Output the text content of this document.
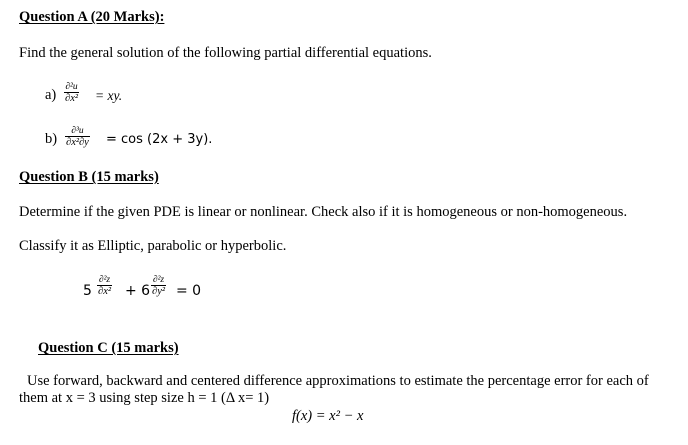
Question A (20 Marks):
Find the general solution of the following partial differential equations.
a) ∂²u
∂x² = xy.
b) ∂³u
∂x²∂y = cos (2x + 3y).
Question B (15 marks)
Determine if the given PDE is linear or nonlinear. Check also if it is homogeneous or non-homogeneous.
Classify it as Elliptic, parabolic or hyperbolic.
5
∂²z
∂x² + 6
∂²z
∂y² = 0
Question C (15 marks)
Use forward, backward and centered difference approximations to estimate the percentage error for each of
them at x = 3 using step size h = 1 (Δ x= 1)
f(x) = x² − x
